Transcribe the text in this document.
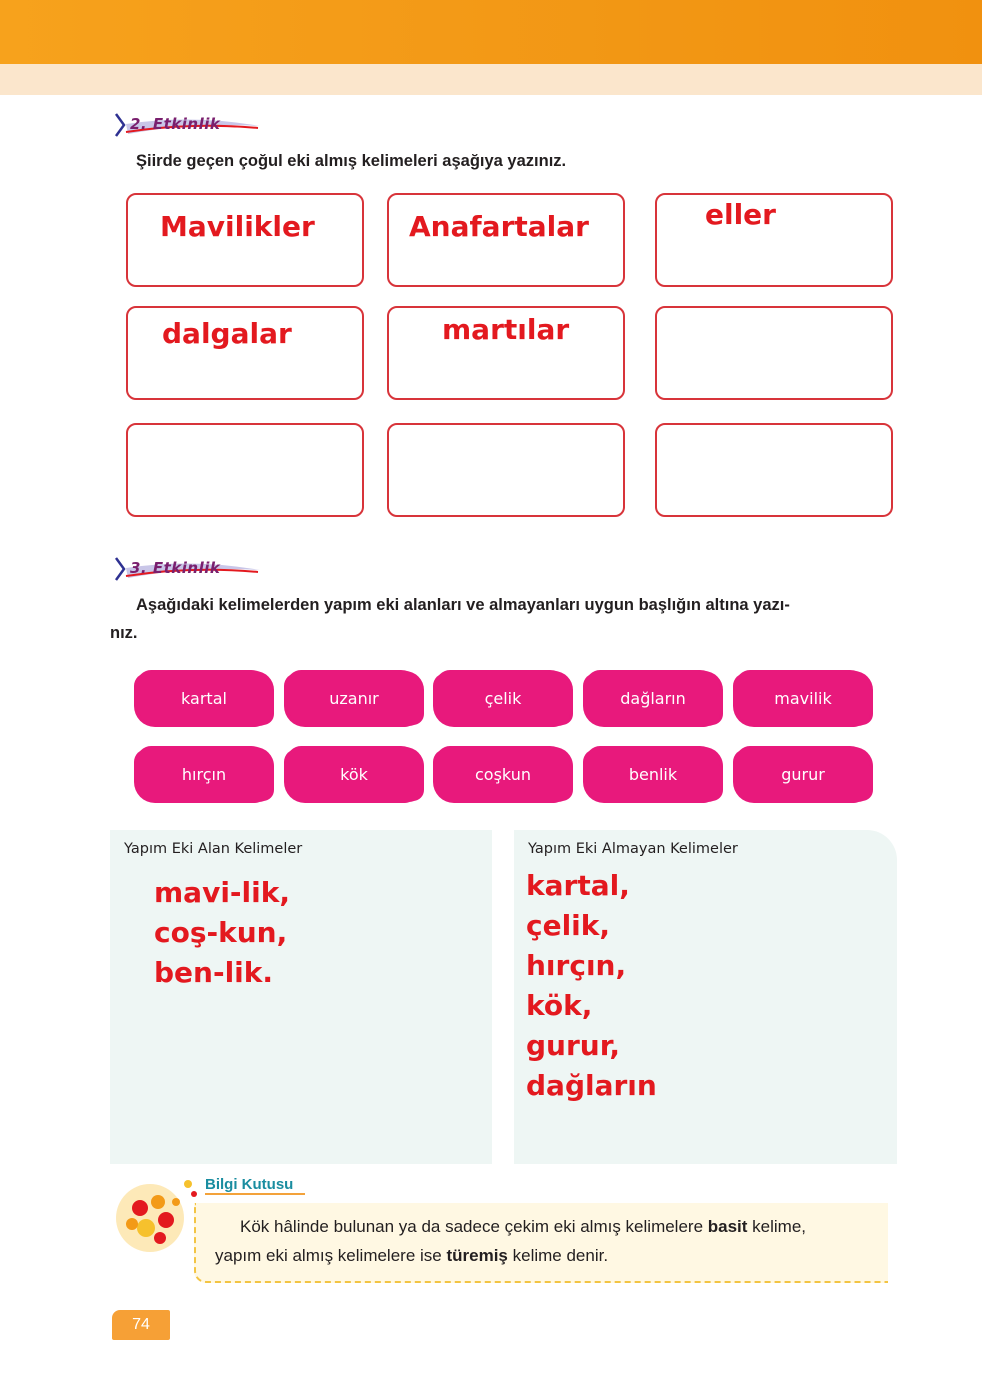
2. Etkinlik
Şiirde geçen çoğul eki almış kelimeleri aşağıya yazınız.
Mavilikler	Anafartalar	eller
dalgalar	martılar
3. Etkinlik
Aşağıdaki kelimelerden yapım eki alanları ve almayanları uygun başlığın altına yazı-
nız.
kartal	uzanır	çelik	dağların	mavilik
hırçın	kök	coşkun	benlik	gurur
Yapım Eki Alan Kelimeler	Yapım Eki Almayan Kelimeler
mavi-lik,
coş-kun,
ben-lik.
kartal,
çelik,
hırçın,
kök,
gurur,
dağların
Bilgi Kutusu
Kök hâlinde bulunan ya da sadece çekim eki almış kelimelere basit kelime,
yapım eki almış kelimelere ise türemiş kelime denir.
74
